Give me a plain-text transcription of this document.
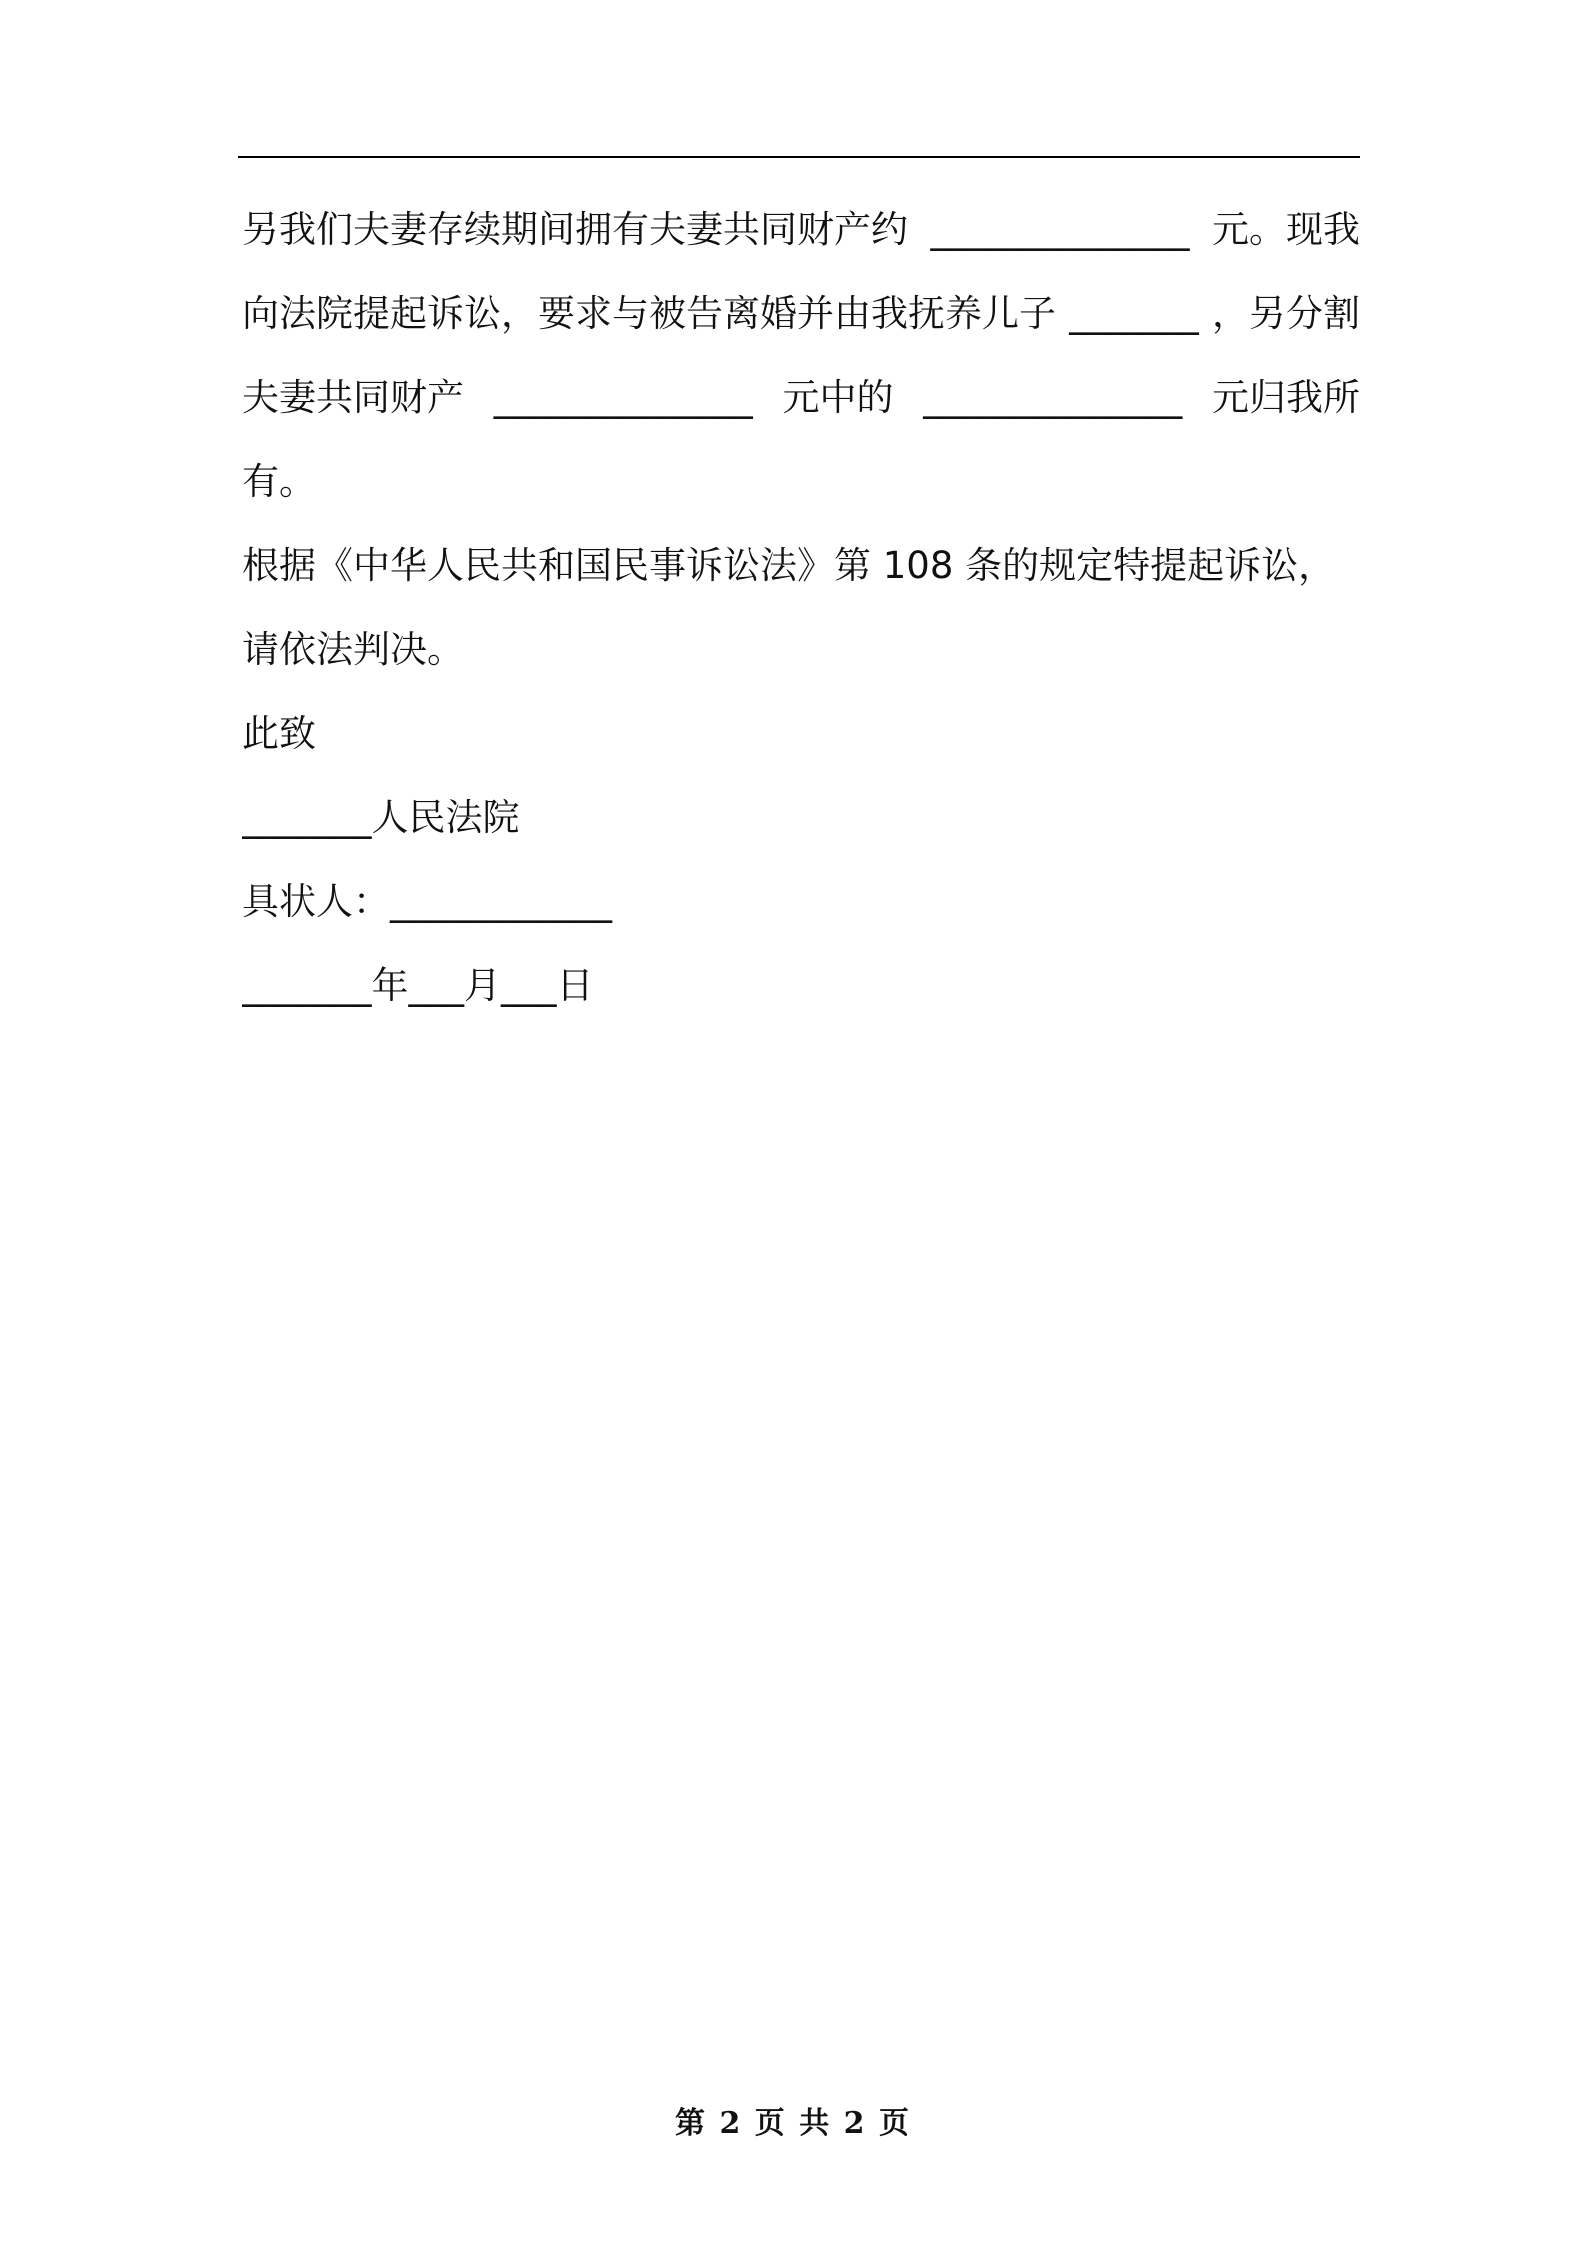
另我们夫妻存续期间拥有夫妻共同财产约 ______________ 元。现我
向法院提起诉讼，要求与被告离婚并由我抚养儿子 _______ ，另分割
夫妻共同财产 ______________ 元中的 ______________ 元归我所
有。
根据《中华人民共和国民事诉讼法》第 108 条的规定特提起诉讼，
请依法判决。
此致
_______人民法院
具状人：____________
_______年___月___日
第 2 页 共 2 页
